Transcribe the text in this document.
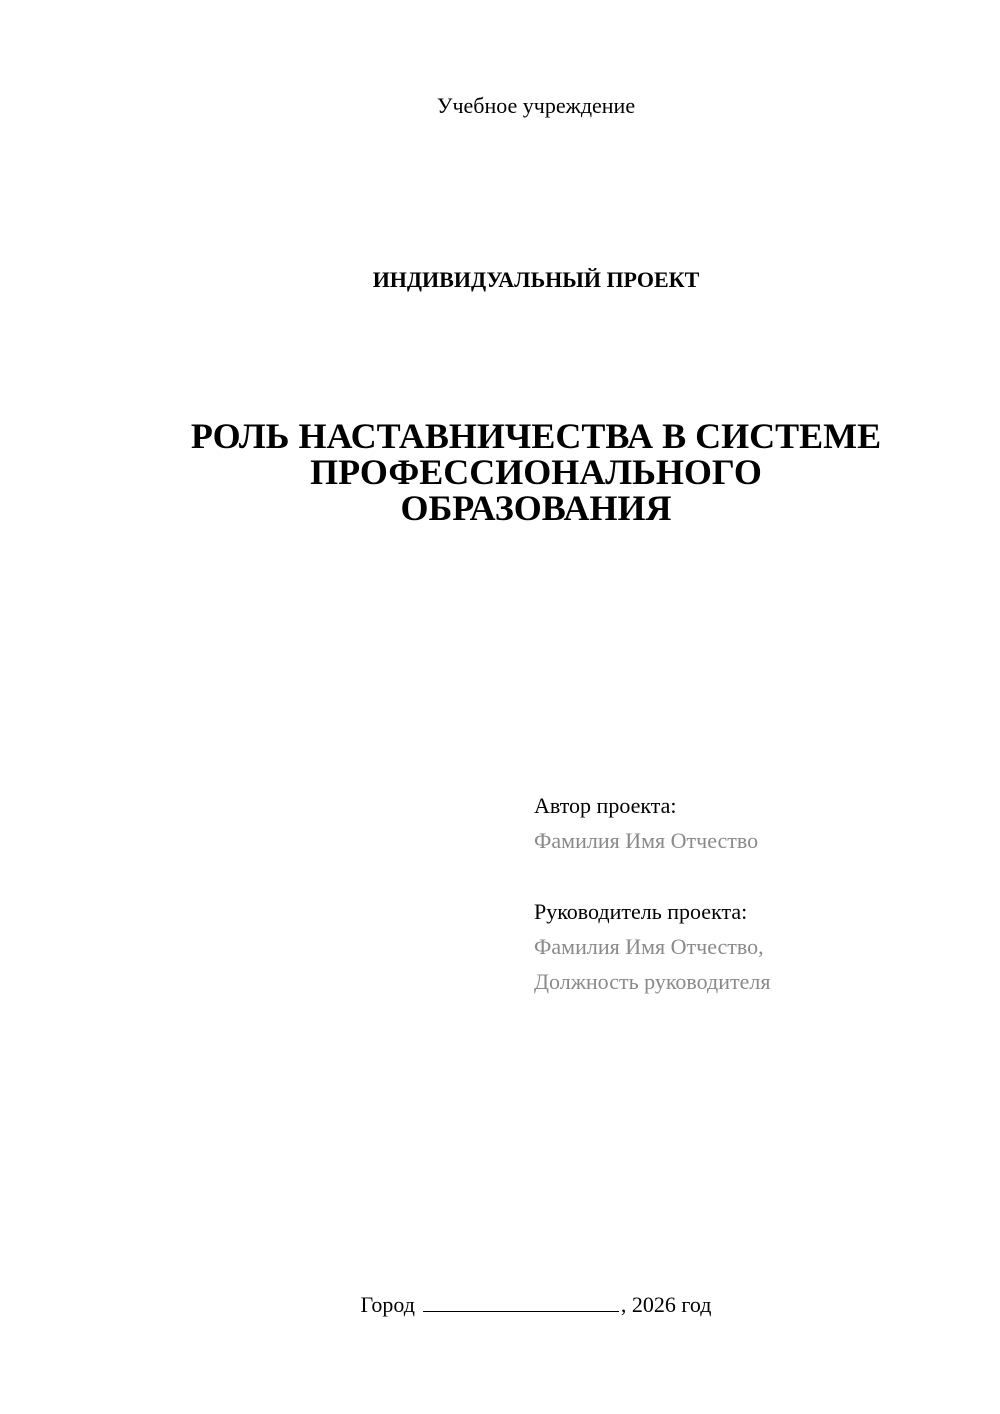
Учебное учреждение
ИНДИВИДУАЛЬНЫЙ ПРОЕКТ
РОЛЬ НАСТАВНИЧЕСТВА В СИСТЕМЕ
ПРОФЕССИОНАЛЬНОГО
ОБРАЗОВАНИЯ
Автор проекта:
Фамилия Имя Отчество
Руководитель проекта:
Фамилия Имя Отчество,
Должность руководителя
Город	, 2026 год
